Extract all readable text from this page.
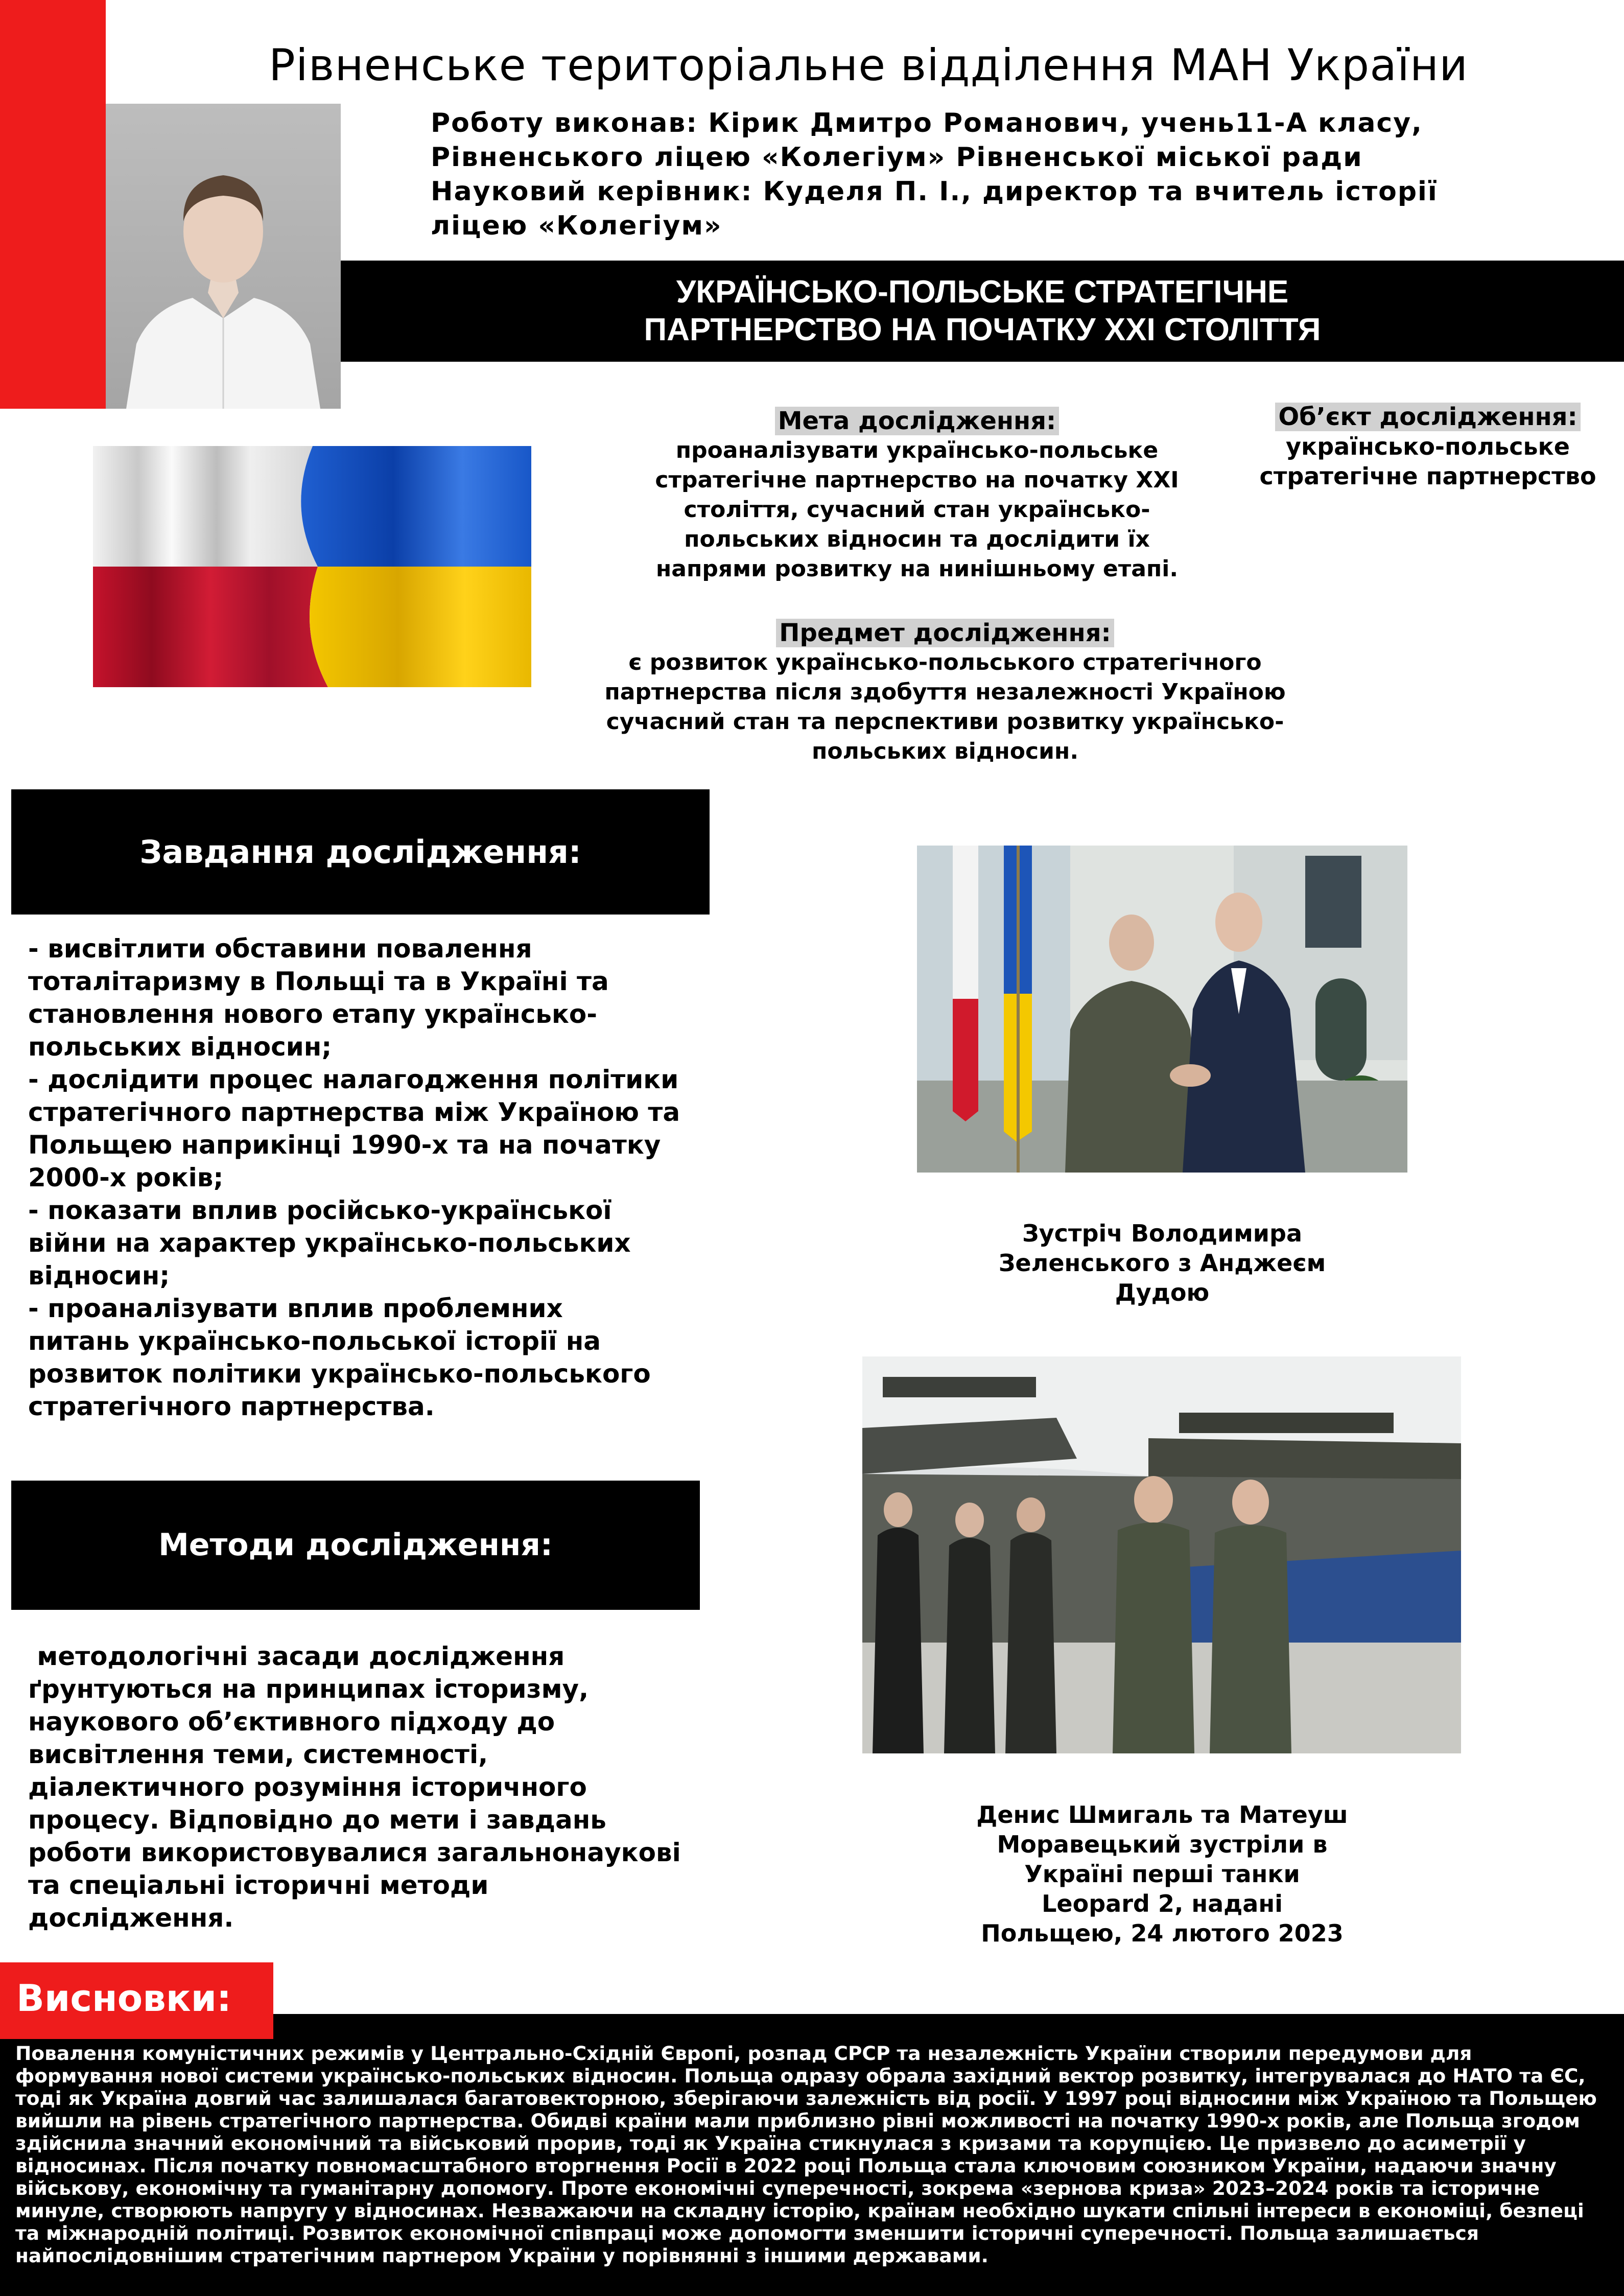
Рівненське територіальне відділення МАН України
Роботу виконав: Кірик Дмитро Романович, учень11-А класу,
Рівненського ліцею «Колегіум» Рівненської міської ради
Науковий керівник: Куделя П. І., директор та вчитель історії
ліцею «Колегіум»
УКРАЇНСЬКО-ПОЛЬСЬКЕ СТРАТЕГІЧНЕ
ПАРТНЕРСТВО НА ПОЧАТКУ XXI СТОЛІТТЯ
Мета дослідження:
проаналізувати українсько-польське
стратегічне партнерство на початку XXI
століття, сучасний стан українсько-
польських відносин та дослідити їх
напрями розвитку на нинішньому етапі.
Об’єкт дослідження:
українсько-польське
стратегічне партнерство
Предмет дослідження:
є розвиток українсько-польського стратегічного
партнерства після здобуття незалежності Україною
сучасний стан та перспективи розвитку українсько-
польських відносин.
Завдання дослідження:

- висвітлити обставини повалення

тоталітаризму в Польщі та в Україні та

становлення нового етапу українсько-

польських відносин;

- дослідити процес налагодження політики

стратегічного партнерства між Україною та

Польщею наприкінці 1990-х та на початку

2000-х років;

- показати вплив російсько-української

війни на характер українсько-польських

відносин;

- проаналізувати вплив проблемних

питань українсько-польської історії на

розвиток політики українсько-польського

стратегічного партнерства.

Методи дослідження:
методологічні засади дослідження
ґрунтуються на принципах історизму,
наукового об’єктивного підходу до
висвітлення теми, системності,
діалектичного розуміння історичного
процесу. Відповідно до мети і завдань
роботи використовувалися загальнонаукові
та спеціальні історичні методи
дослідження.
Зустріч Володимира
Зеленського з Анджеєм
Дудою
Денис Шмигаль та Матеуш
Моравецький зустріли в
Україні перші танки
Leopard 2, надані
Польщею, 24 лютого 2023
Повалення комуністичних режимів у Центрально-Східній Європі, розпад СРСР та незалежність України створили передумови для
формування нової системи українсько-польських відносин. Польща одразу обрала західний вектор розвитку, інтегрувалася до НАТО та ЄС,
тоді як Україна довгий час залишалася багатовекторною, зберігаючи залежність від росії. У 1997 році відносини між Україною та Польщею
вийшли на рівень стратегічного партнерства. Обидві країни мали приблизно рівні можливості на початку 1990-х років, але Польща згодом
здійснила значний економічний та військовий прорив, тоді як Україна стикнулася з кризами та корупцією. Це призвело до асиметрії у
відносинах. Після початку повномасштабного вторгнення Росії в 2022 році Польща стала ключовим союзником України, надаючи значну
військову, економічну та гуманітарну допомогу. Проте економічні суперечності, зокрема «зернова криза» 2023–2024 років та історичне
минуле, створюють напругу у відносинах. Незважаючи на складну історію, країнам необхідно шукати спільні інтереси в економіці, безпеці
та міжнародній політиці. Розвиток економічної співпраці може допомогти зменшити історичні суперечності. Польща залишається
найпослідовнішим стратегічним партнером України у порівнянні з іншими державами.
Висновки:
